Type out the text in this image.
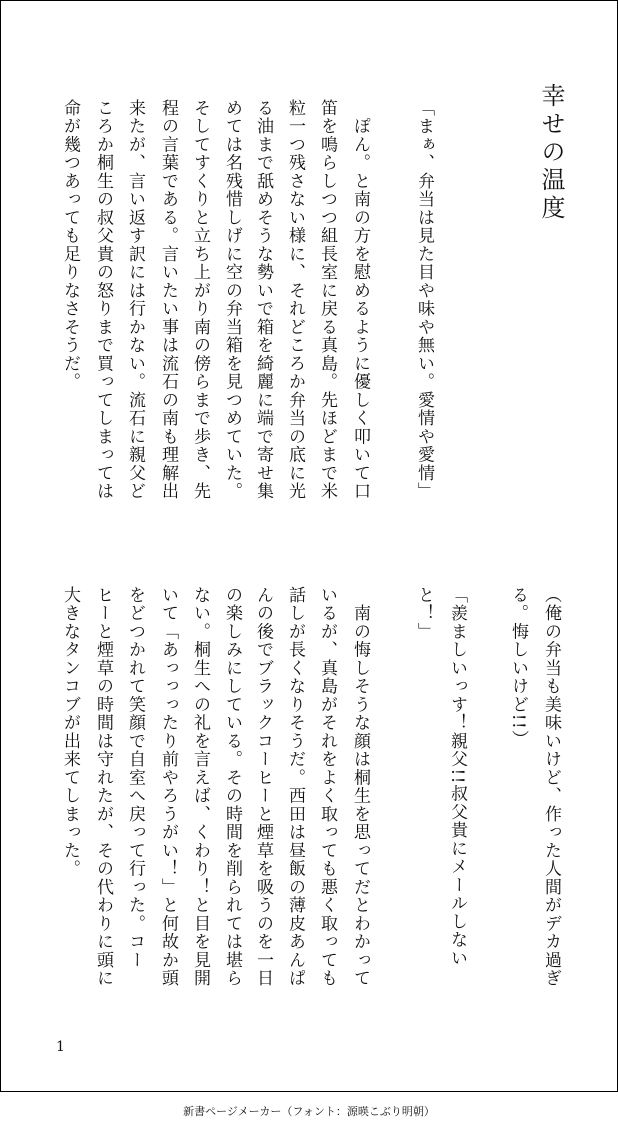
幸せの温度
「まぁ、弁当は見た目や味や無い。愛情や愛情」
　ぽん。と南の方を慰めるように優しく叩いて口
笛を鳴らしつつ組長室に戻る真島。先ほどまで米
粒一つ残さない様に、それどころか弁当の底に光
る油まで舐めそうな勢いで箱を綺麗に端で寄せ集
めては名残惜しげに空の弁当箱を見つめていた。
そしてすくりと立ち上がり南の傍らまで歩き、先
程の言葉である。言いたい事は流石の南も理解出
来たが、言い返す訳には行かない。流石に親父ど
ころか桐生の叔父貴の怒りまで買ってしまっては
命が幾つあっても足りなさそうだ。
（俺の弁当も美味いけど、作った人間がデカ過ぎ
る。悔しいけど!!）
「羨ましいっす！親父!!叔父貴にメールしない
と！」
　南の悔しそうな顔は桐生を思ってだとわかって
いるが、真島がそれをよく取っても悪く取っても
話しが長くなりそうだ。西田は昼飯の薄皮あんぱ
んの後でブラックコーヒーと煙草を吸うのを一日
の楽しみにしている。その時間を削られては堪ら
ない。桐生への礼を言えば、くわり！と目を見開
いて「あっっったり前やろうがい！」と何故か頭
をどつかれて笑顔で自室へ戻って行った。コー
ヒーと煙草の時間は守れたが、その代わりに頭に
大きなタンコブが出来てしまった。
1
新書ページメーカー（フォント：源暎こぶり明朝）
